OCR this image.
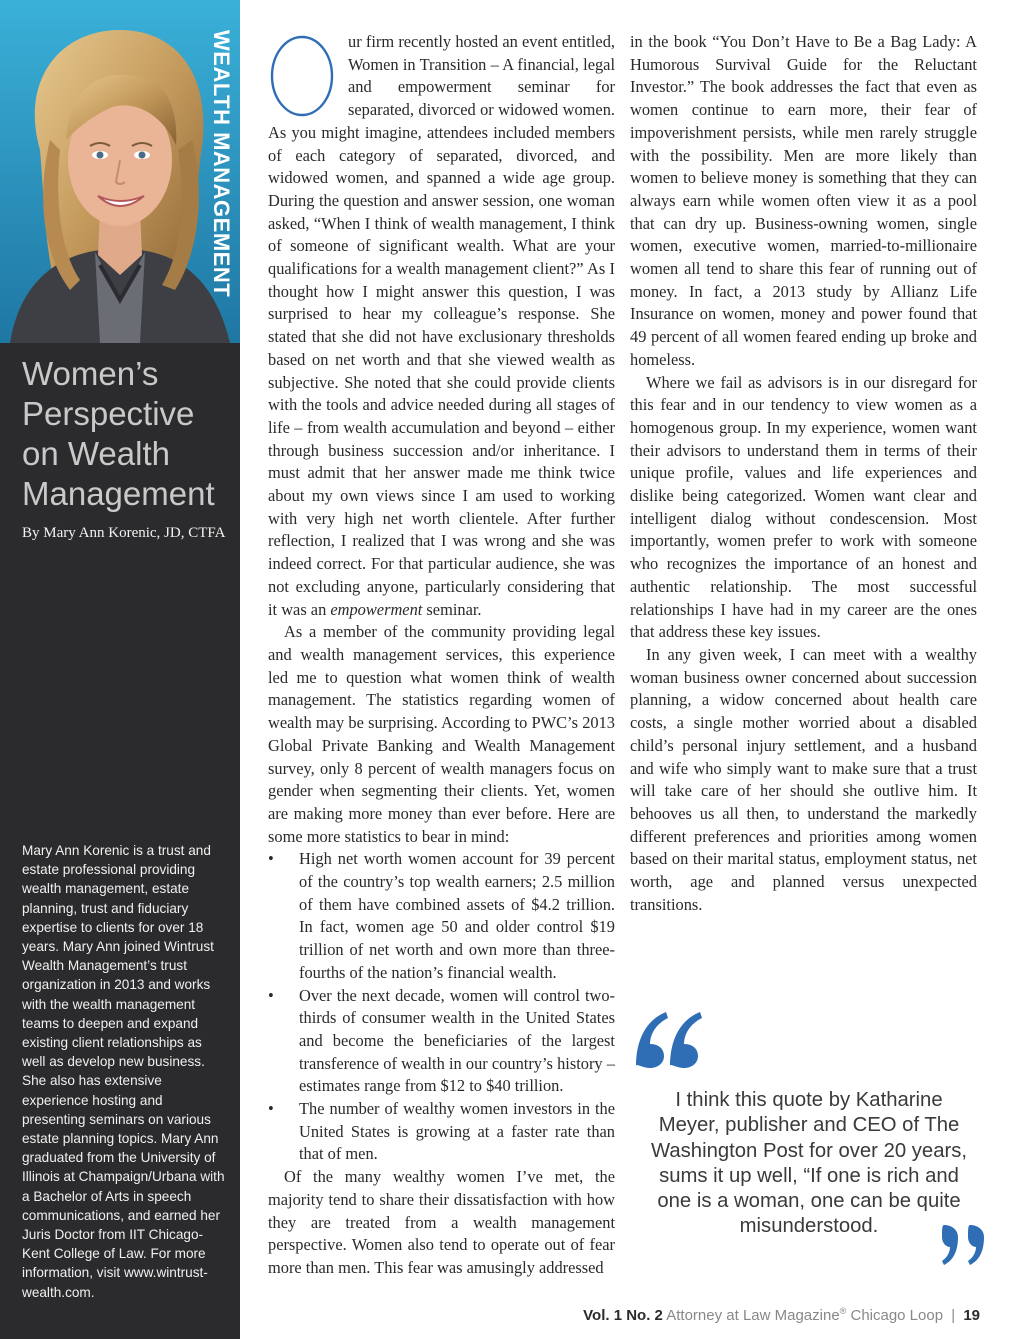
WEALTH MANAGEMENT
Women’s Perspective on Wealth Management
By Mary Ann Korenic, JD, CTFA
Mary Ann Korenic is a trust and estate professional providing wealth management, estate planning, trust and fiduciary expertise to clients for over 18 years. Mary Ann joined Wintrust Wealth Management’s trust organization in 2013 and works with the wealth management teams to deepen and expand existing client relationships as well as develop new business. She also has extensive experience hosting and presenting seminars on various estate planning topics. Mary Ann graduated from the University of Illinois at Champaign/Urbana with a Bachelor of Arts in speech communications, and earned her Juris Doctor from IIT Chicago-Kent College of Law. For more information, visit www.wintrust-wealth.com.

ur firm recently hosted an event entitled, Women in Transition – A financial, legal and empowerment seminar for separated, divorced or widowed women. As you might imagine, attendees included members of each category of separated, divorced, and widowed women, and spanned a wide age group. During the question and answer session, one woman asked, “When I think of wealth management, I think of someone of significant wealth. What are your qualifications for a wealth management client?” As I thought how I might answer this question, I was surprised to hear my colleague’s response. She stated that she did not have exclusionary thresholds based on net worth and that she viewed wealth as subjective. She noted that she could provide clients with the tools and advice needed during all stages of life – from wealth accumulation and beyond – either through business succession and/or inheritance. I must admit that her answer made me think twice about my own views since I am used to working with very high net worth clientele. After further reflection, I realized that I was wrong and she was indeed correct. For that particular audience, she was not excluding anyone, particularly considering that it was an empowerment seminar.

As a member of the community providing legal and wealth management services, this experience led me to question what women think of wealth management. The statistics regarding women of wealth may be surprising. According to PWC’s 2013 Global Private Banking and Wealth Management survey, only 8 percent of wealth managers focus on gender when segmenting their clients. Yet, women are making more money than ever before. Here are some more statistics to bear in mind:

• High net worth women account for 39 percent of the country’s top wealth earners; 2.5 million of them have combined assets of $4.2 trillion. In fact, women age 50 and older control $19 trillion of net worth and own more than three-fourths of the nation’s financial wealth.
• Over the next decade, women will control two-thirds of consumer wealth in the United States and become the beneficiaries of the largest transference of wealth in our country’s history – estimates range from $12 to $40 trillion.
• The number of wealthy women investors in the United States is growing at a faster rate than that of men.

Of the many wealthy women I’ve met, the majority tend to share their dissatisfaction with how they are treated from a wealth management perspective. Women also tend to operate out of fear more than men. This fear was amusingly addressed

in the book “You Don’t Have to Be a Bag Lady: A Humorous Survival Guide for the Reluctant Investor.” The book addresses the fact that even as women continue to earn more, their fear of impoverishment persists, while men rarely struggle with the possibility. Men are more likely than women to believe money is something that they can always earn while women often view it as a pool that can dry up. Business-owning women, single women, executive women, married-to-millionaire women all tend to share this fear of running out of money. In fact, a 2013 study by Allianz Life Insurance on women, money and power found that 49 percent of all women feared ending up broke and homeless.

Where we fail as advisors is in our disregard for this fear and in our tendency to view women as a homogenous group. In my experience, women want their advisors to understand them in terms of their unique profile, values and life experiences and dislike being categorized. Women want clear and intelligent dialog without condescension. Most importantly, women prefer to work with someone who recognizes the importance of an honest and authentic relationship. The most successful relationships I have had in my career are the ones that address these key issues.

In any given week, I can meet with a wealthy woman business owner concerned about succession planning, a widow concerned about health care costs, a single mother worried about a disabled child’s personal injury settlement, and a husband and wife who simply want to make sure that a trust will take care of her should she outlive him. It behooves us all then, to understand the markedly different preferences and priorities among women based on their marital status, employment status, net worth, age and planned versus unexpected transitions.

I think this quote by Katharine Meyer, publisher and CEO of The Washington Post for over 20 years, sums it up well, “If one is rich and one is a woman, one can be quite misunderstood.
Vol. 1 No. 2 Attorney at Law Magazine® Chicago Loop | 19
